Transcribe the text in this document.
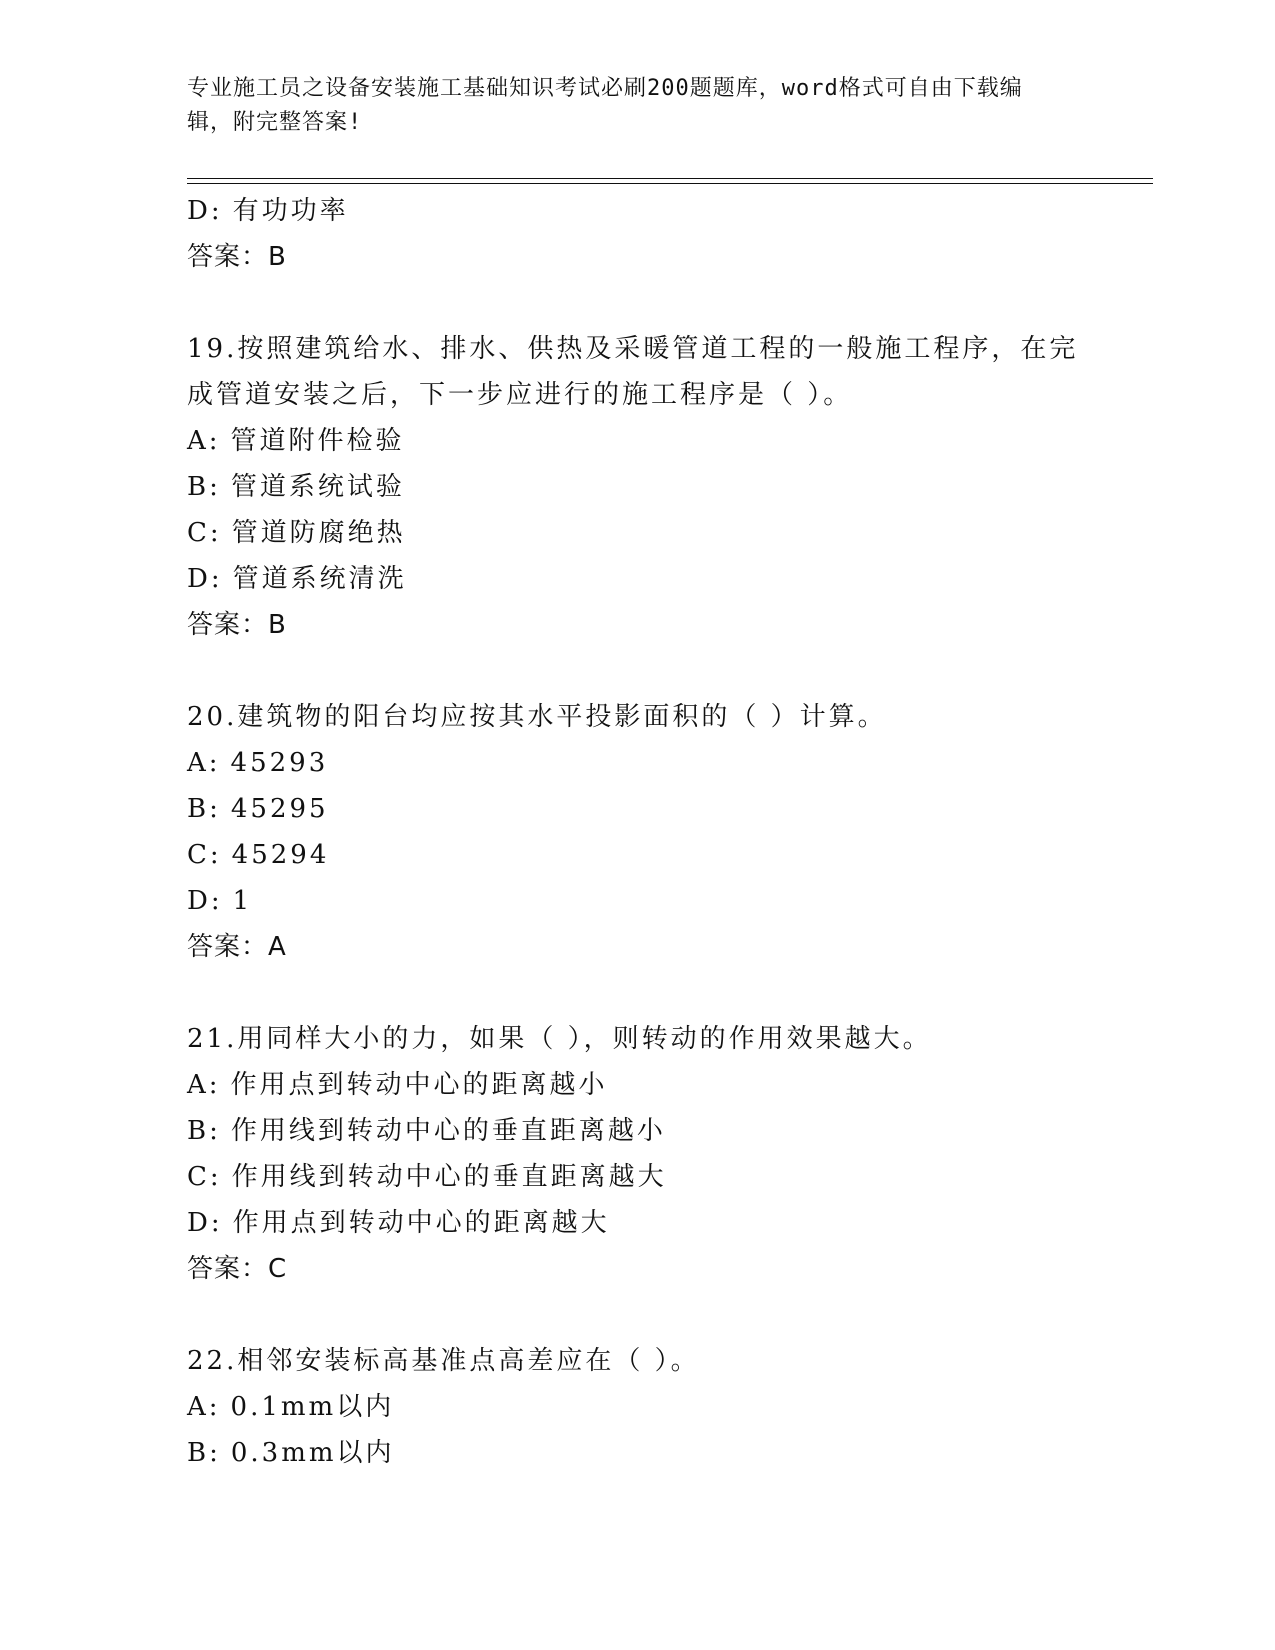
专业施工员之设备安装施工基础知识考试必刷200题题库，word格式可自由下载编辑，附完整答案!
D: 有功功率
答案：B
19.按照建筑给水、排水、供热及采暖管道工程的一般施工程序，在完成管道安装之后，下一步应进行的施工程序是（ ）。
A: 管道附件检验
B: 管道系统试验
C: 管道防腐绝热
D: 管道系统清洗
答案：B
20.建筑物的阳台均应按其水平投影面积的（ ）计算。
A: 45293
B: 45295
C: 45294
D: 1
答案：A
21.用同样大小的力，如果（ ），则转动的作用效果越大。
A: 作用点到转动中心的距离越小
B: 作用线到转动中心的垂直距离越小
C: 作用线到转动中心的垂直距离越大
D: 作用点到转动中心的距离越大
答案：C
22.相邻安装标高基准点高差应在（ ）。
A: 0.1mm以内
B: 0.3mm以内
